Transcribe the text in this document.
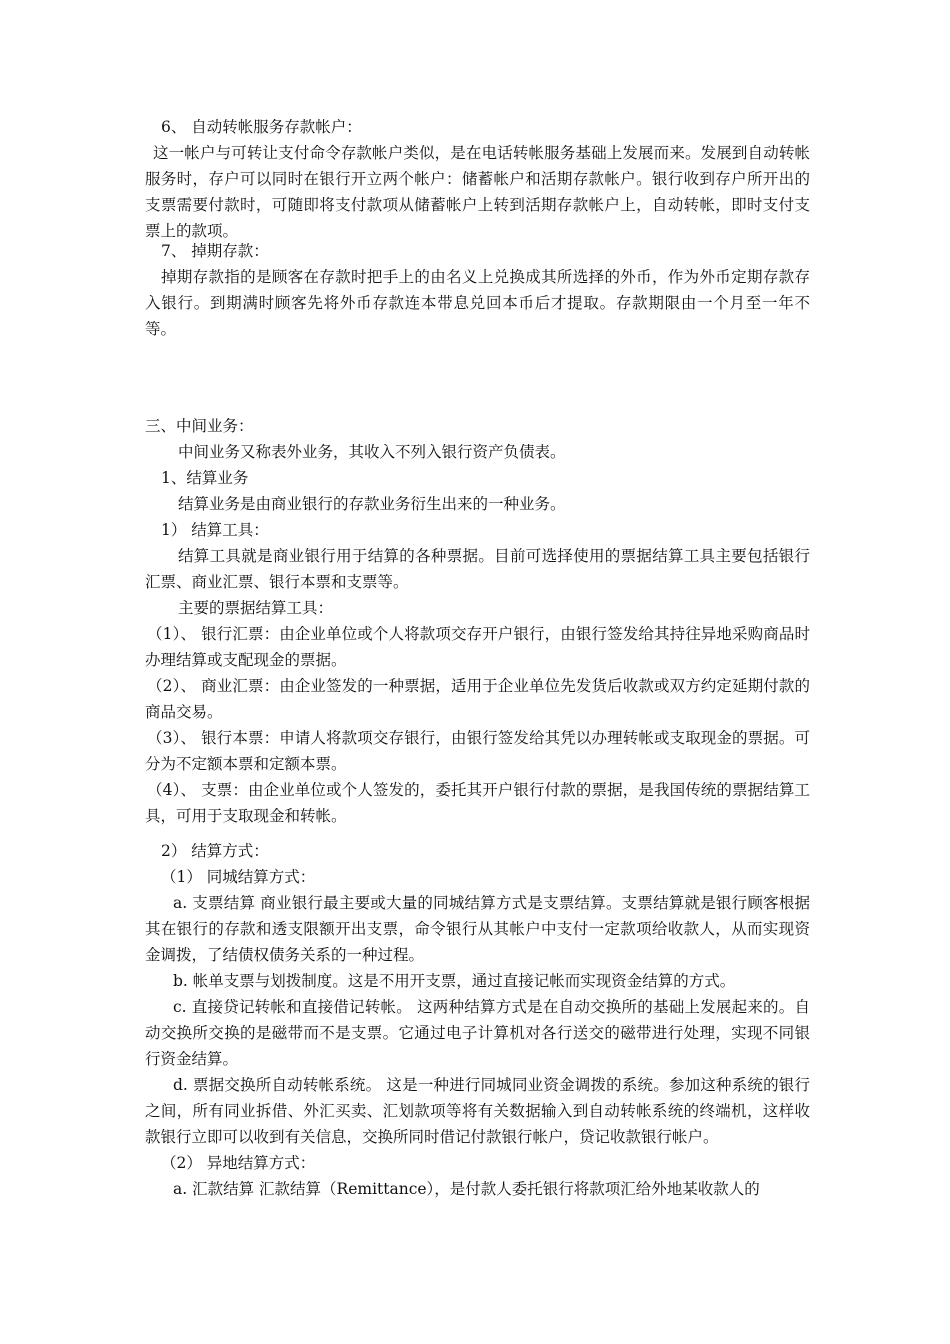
6、 自动转帐服务存款帐户：

这一帐户与可转让支付命令存款帐户类似，是在电话转帐服务基础上发展而来。发展到自动转帐服务时，存户可以同时在银行开立两个帐户：储蓄帐户和活期存款帐户。银行收到存户所开出的支票需要付款时，可随即将支付款项从储蓄帐户上转到活期存款帐户上，自动转帐，即时支付支票上的款项。

7、 掉期存款：

掉期存款指的是顾客在存款时把手上的由名义上兑换成其所选择的外币，作为外币定期存款存入银行。到期满时顾客先将外币存款连本带息兑回本币后才提取。存款期限由一个月至一年不等。

三、中间业务：

中间业务又称表外业务，其收入不列入银行资产负债表。

1、结算业务

结算业务是由商业银行的存款业务衍生出来的一种业务。

1） 结算工具：

结算工具就是商业银行用于结算的各种票据。目前可选择使用的票据结算工具主要包括银行汇票、商业汇票、银行本票和支票等。

主要的票据结算工具：

（1）、 银行汇票：由企业单位或个人将款项交存开户银行，由银行签发给其持往异地采购商品时办理结算或支配现金的票据。

（2）、 商业汇票：由企业签发的一种票据，适用于企业单位先发货后收款或双方约定延期付款的商品交易。

（3）、 银行本票：申请人将款项交存银行，由银行签发给其凭以办理转帐或支取现金的票据。可分为不定额本票和定额本票。

（4）、 支票：由企业单位或个人签发的，委托其开户银行付款的票据，是我国传统的票据结算工具，可用于支取现金和转帐。

2） 结算方式：

（1） 同城结算方式：

a. 支票结算 商业银行最主要或大量的同城结算方式是支票结算。支票结算就是银行顾客根据其在银行的存款和透支限额开出支票，命令银行从其帐户中支付一定款项给收款人，从而实现资金调拨，了结债权债务关系的一种过程。

b. 帐单支票与划拨制度。这是不用开支票，通过直接记帐而实现资金结算的方式。

c. 直接贷记转帐和直接借记转帐。 这两种结算方式是在自动交换所的基础上发展起来的。自动交换所交换的是磁带而不是支票。它通过电子计算机对各行送交的磁带进行处理，实现不同银行资金结算。

d. 票据交换所自动转帐系统。 这是一种进行同城同业资金调拨的系统。参加这种系统的银行之间，所有同业拆借、外汇买卖、汇划款项等将有关数据输入到自动转帐系统的终端机，这样收款银行立即可以收到有关信息，交换所同时借记付款银行帐户，贷记收款银行帐户。

（2） 异地结算方式：

a. 汇款结算 汇款结算（Remittance），是付款人委托银行将款项汇给外地某收款人的
